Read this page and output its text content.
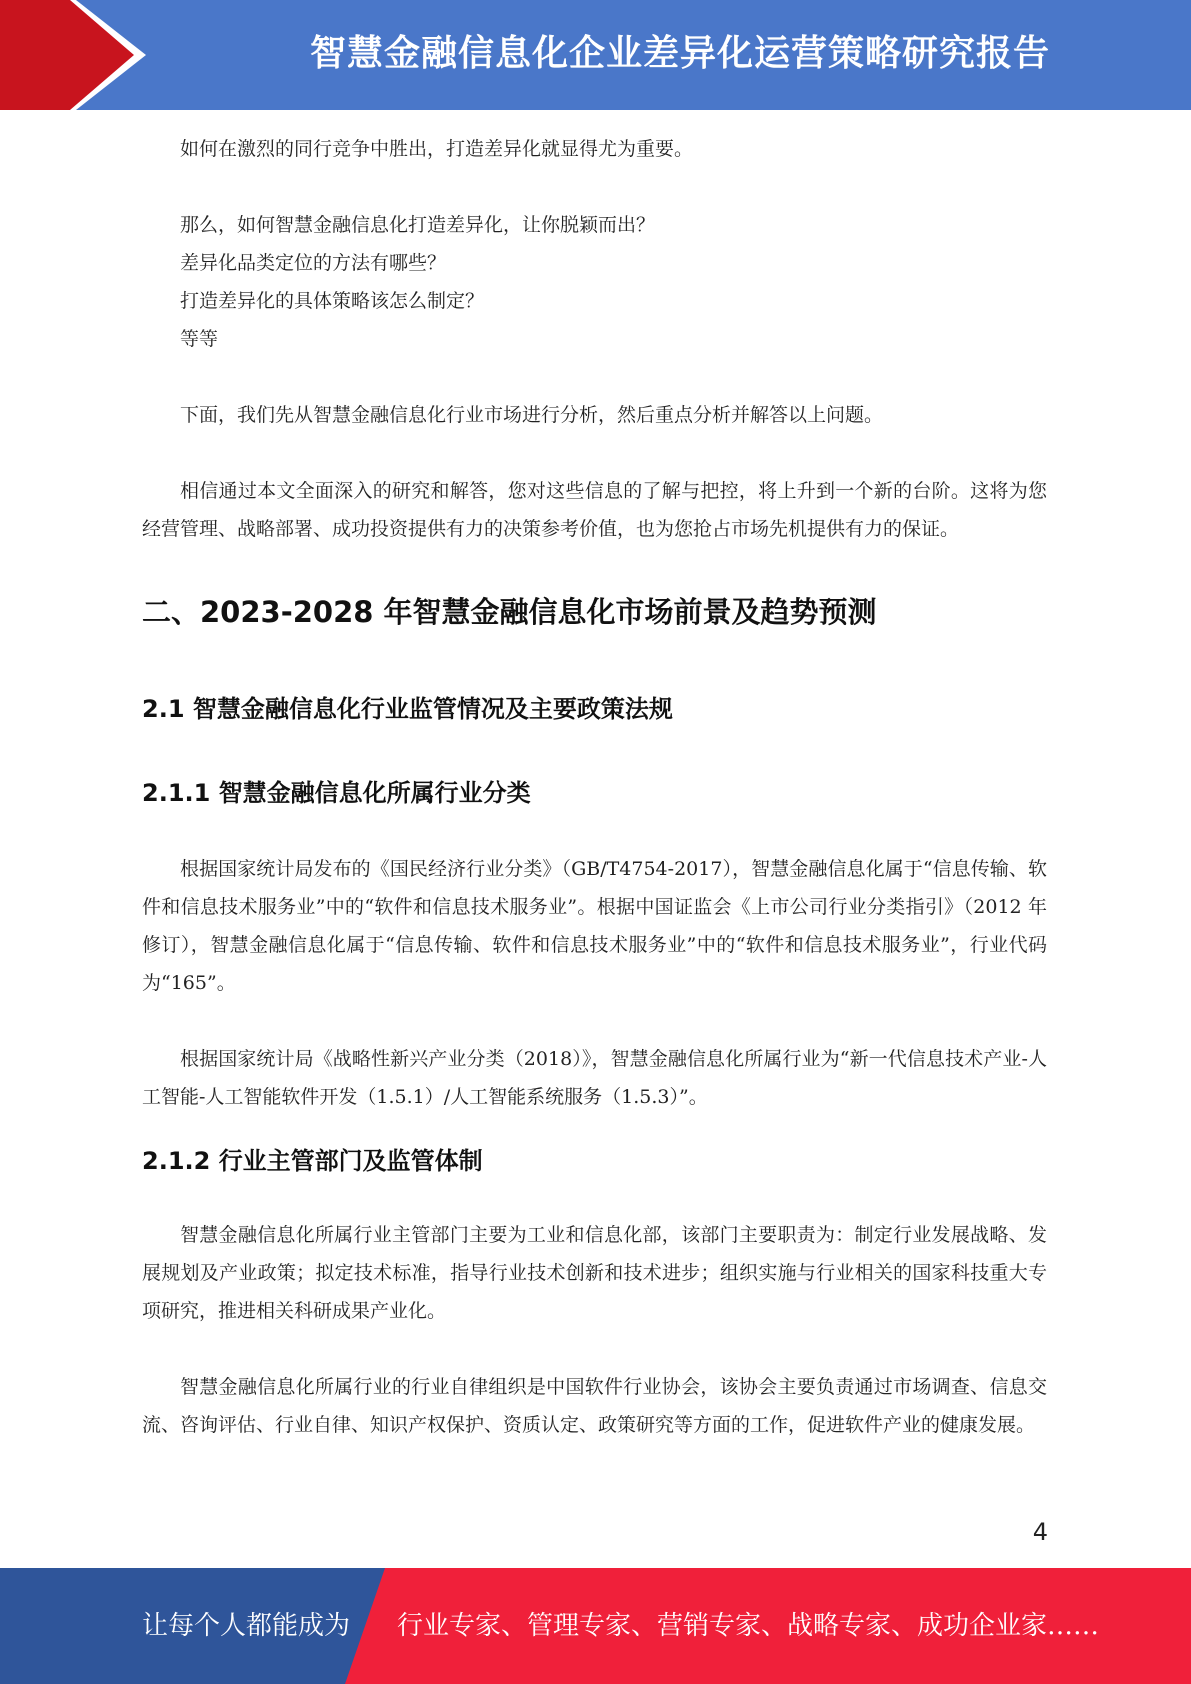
智慧金融信息化企业差异化运营策略研究报告

如何在激烈的同行竞争中胜出，打造差异化就显得尤为重要。

那么，如何智慧金融信息化打造差异化，让你脱颖而出？

差异化品类定位的方法有哪些？

打造差异化的具体策略该怎么制定？

等等

下面，我们先从智慧金融信息化行业市场进行分析，然后重点分析并解答以上问题。

相信通过本文全面深入的研究和解答，您对这些信息的了解与把控，将上升到一个新的台阶。这将为您经营管理、战略部署、成功投资提供有力的决策参考价值，也为您抢占市场先机提供有力的保证。

二、2023-2028 年智慧金融信息化市场前景及趋势预测
2.1 智慧金融信息化行业监管情况及主要政策法规
2.1.1 智慧金融信息化所属行业分类

根据国家统计局发布的《国民经济行业分类》（GB/T4754-2017），智慧金融信息化属于“信息传输、软件和信息技术服务业”中的“软件和信息技术服务业”。根据中国证监会《上市公司行业分类指引》（2012 年修订），智慧金融信息化属于“信息传输、软件和信息技术服务业”中的“软件和信息技术服务业”，行业代码为“165”。

根据国家统计局《战略性新兴产业分类（2018）》，智慧金融信息化所属行业为“新一代信息技术产业-人工智能-人工智能软件开发（1.5.1）/人工智能系统服务（1.5.3）”。

2.1.2 行业主管部门及监管体制

智慧金融信息化所属行业主管部门主要为工业和信息化部，该部门主要职责为：制定行业发展战略、发展规划及产业政策；拟定技术标准，指导行业技术创新和技术进步；组织实施与行业相关的国家科技重大专项研究，推进相关科研成果产业化。

智慧金融信息化所属行业的行业自律组织是中国软件行业协会，该协会主要负责通过市场调查、信息交流、咨询评估、行业自律、知识产权保护、资质认定、政策研究等方面的工作，促进软件产业的健康发展。

4
让每个人都能成为 行业专家、管理专家、营销专家、战略专家、成功企业家……
